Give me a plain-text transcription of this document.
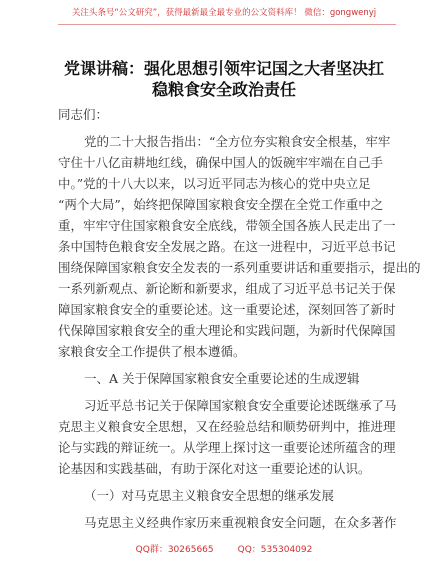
关注头条号“公文研究”，获得最新最全最专业的公文资料库！ 微信：gongwenyj
党课讲稿：强化思想引领牢记国之大者坚决扛
稳粮食安全政治责任
同志们：
党的二十大报告指出：“全方位夯实粮食安全根基，牢牢
守住十八亿亩耕地红线，确保中国人的饭碗牢牢端在自己手
中。”党的十八大以来，以习近平同志为核心的党中央立足
“两个大局”，始终把保障国家粮食安全摆在全党工作重中之
重，牢牢守住国家粮食安全底线，带领全国各族人民走出了一
条中国特色粮食安全发展之路。在这一进程中，习近平总书记
围绕保障国家粮食安全发表的一系列重要讲话和重要指示，提出的
一系列新观点、新论断和新要求，组成了习近平总书记关于保
障国家粮食安全的重要论述。这一重要论述，深刻回答了新时
代保障国家粮食安全的重大理论和实践问题，为新时代保障国
家粮食安全工作提供了根本遵循。
一、A 关于保障国家粮食安全重要论述的生成逻辑
习近平总书记关于保障国家粮食安全重要论述既继承了马
克思主义粮食安全思想，又在经验总结和顺势研判中，推进理
论与实践的辩证统一。从学理上探讨这一重要论述所蕴含的理
论基因和实践基础，有助于深化对这一重要论述的认识。
（一）对马克思主义粮食安全思想的继承发展
马克思主义经典作家历来重视粮食安全问题，在众多著作
QQ群：30265665	QQ：535304092
